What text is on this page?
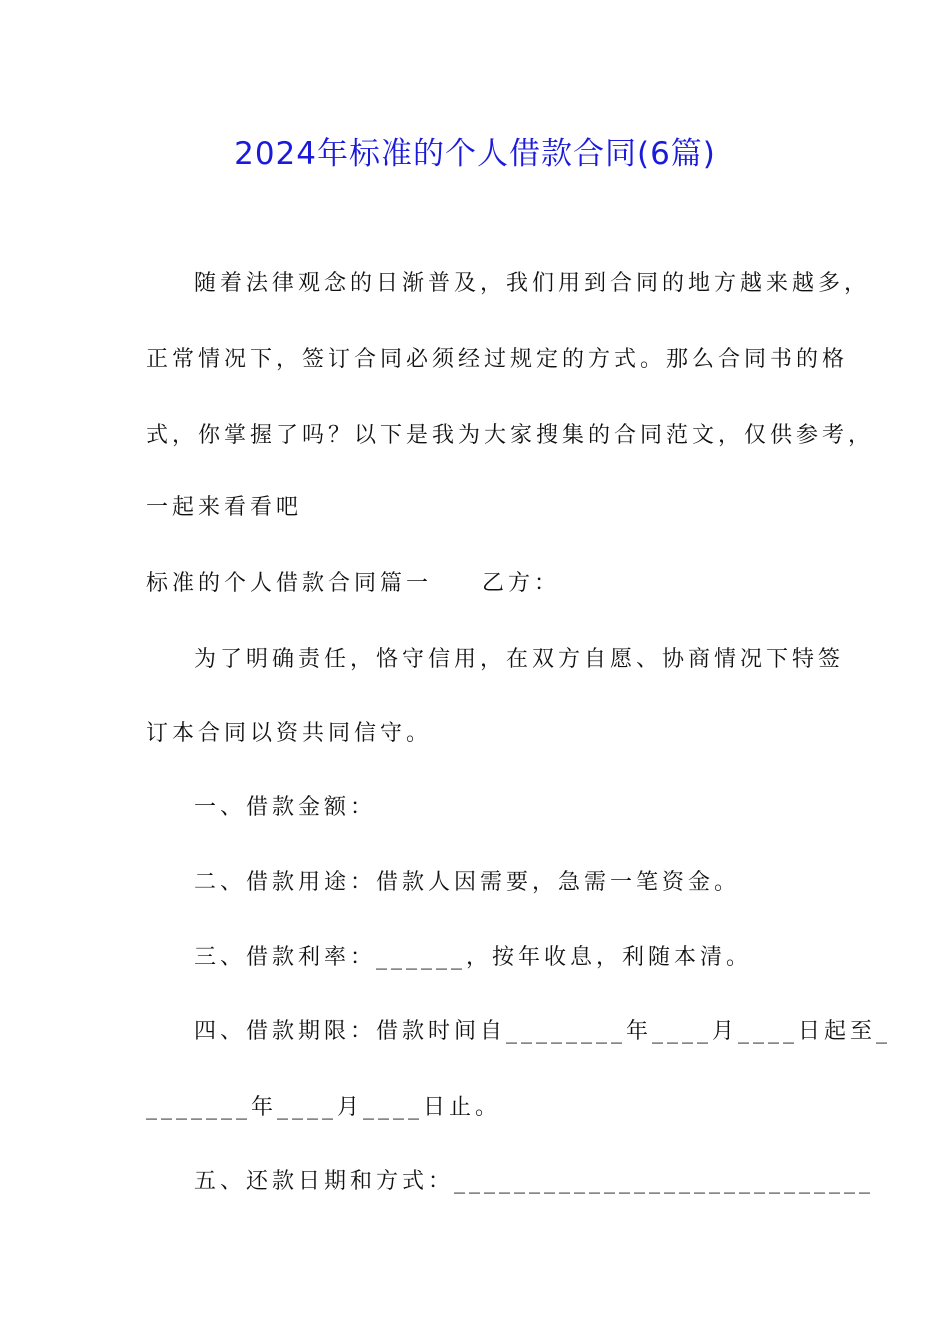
2024年标准的个人借款合同(6篇)
随着法律观念的日渐普及，我们用到合同的地方越来越多，
正常情况下，签订合同必须经过规定的方式。那么合同书的格
式，你掌握了吗？以下是我为大家搜集的合同范文，仅供参考，
一起来看看吧
标准的个人借款合同篇一 乙方：
为了明确责任，恪守信用，在双方自愿、协商情况下特签
订本合同以资共同信守。
一、借款金额：
二、借款用途：借款人因需要，急需一笔资金。
三、借款利率：______，按年收息，利随本清。
四、借款期限：借款时间自________年____月____日起至_
_______年____月____日止。
五、还款日期和方式：____________________________
